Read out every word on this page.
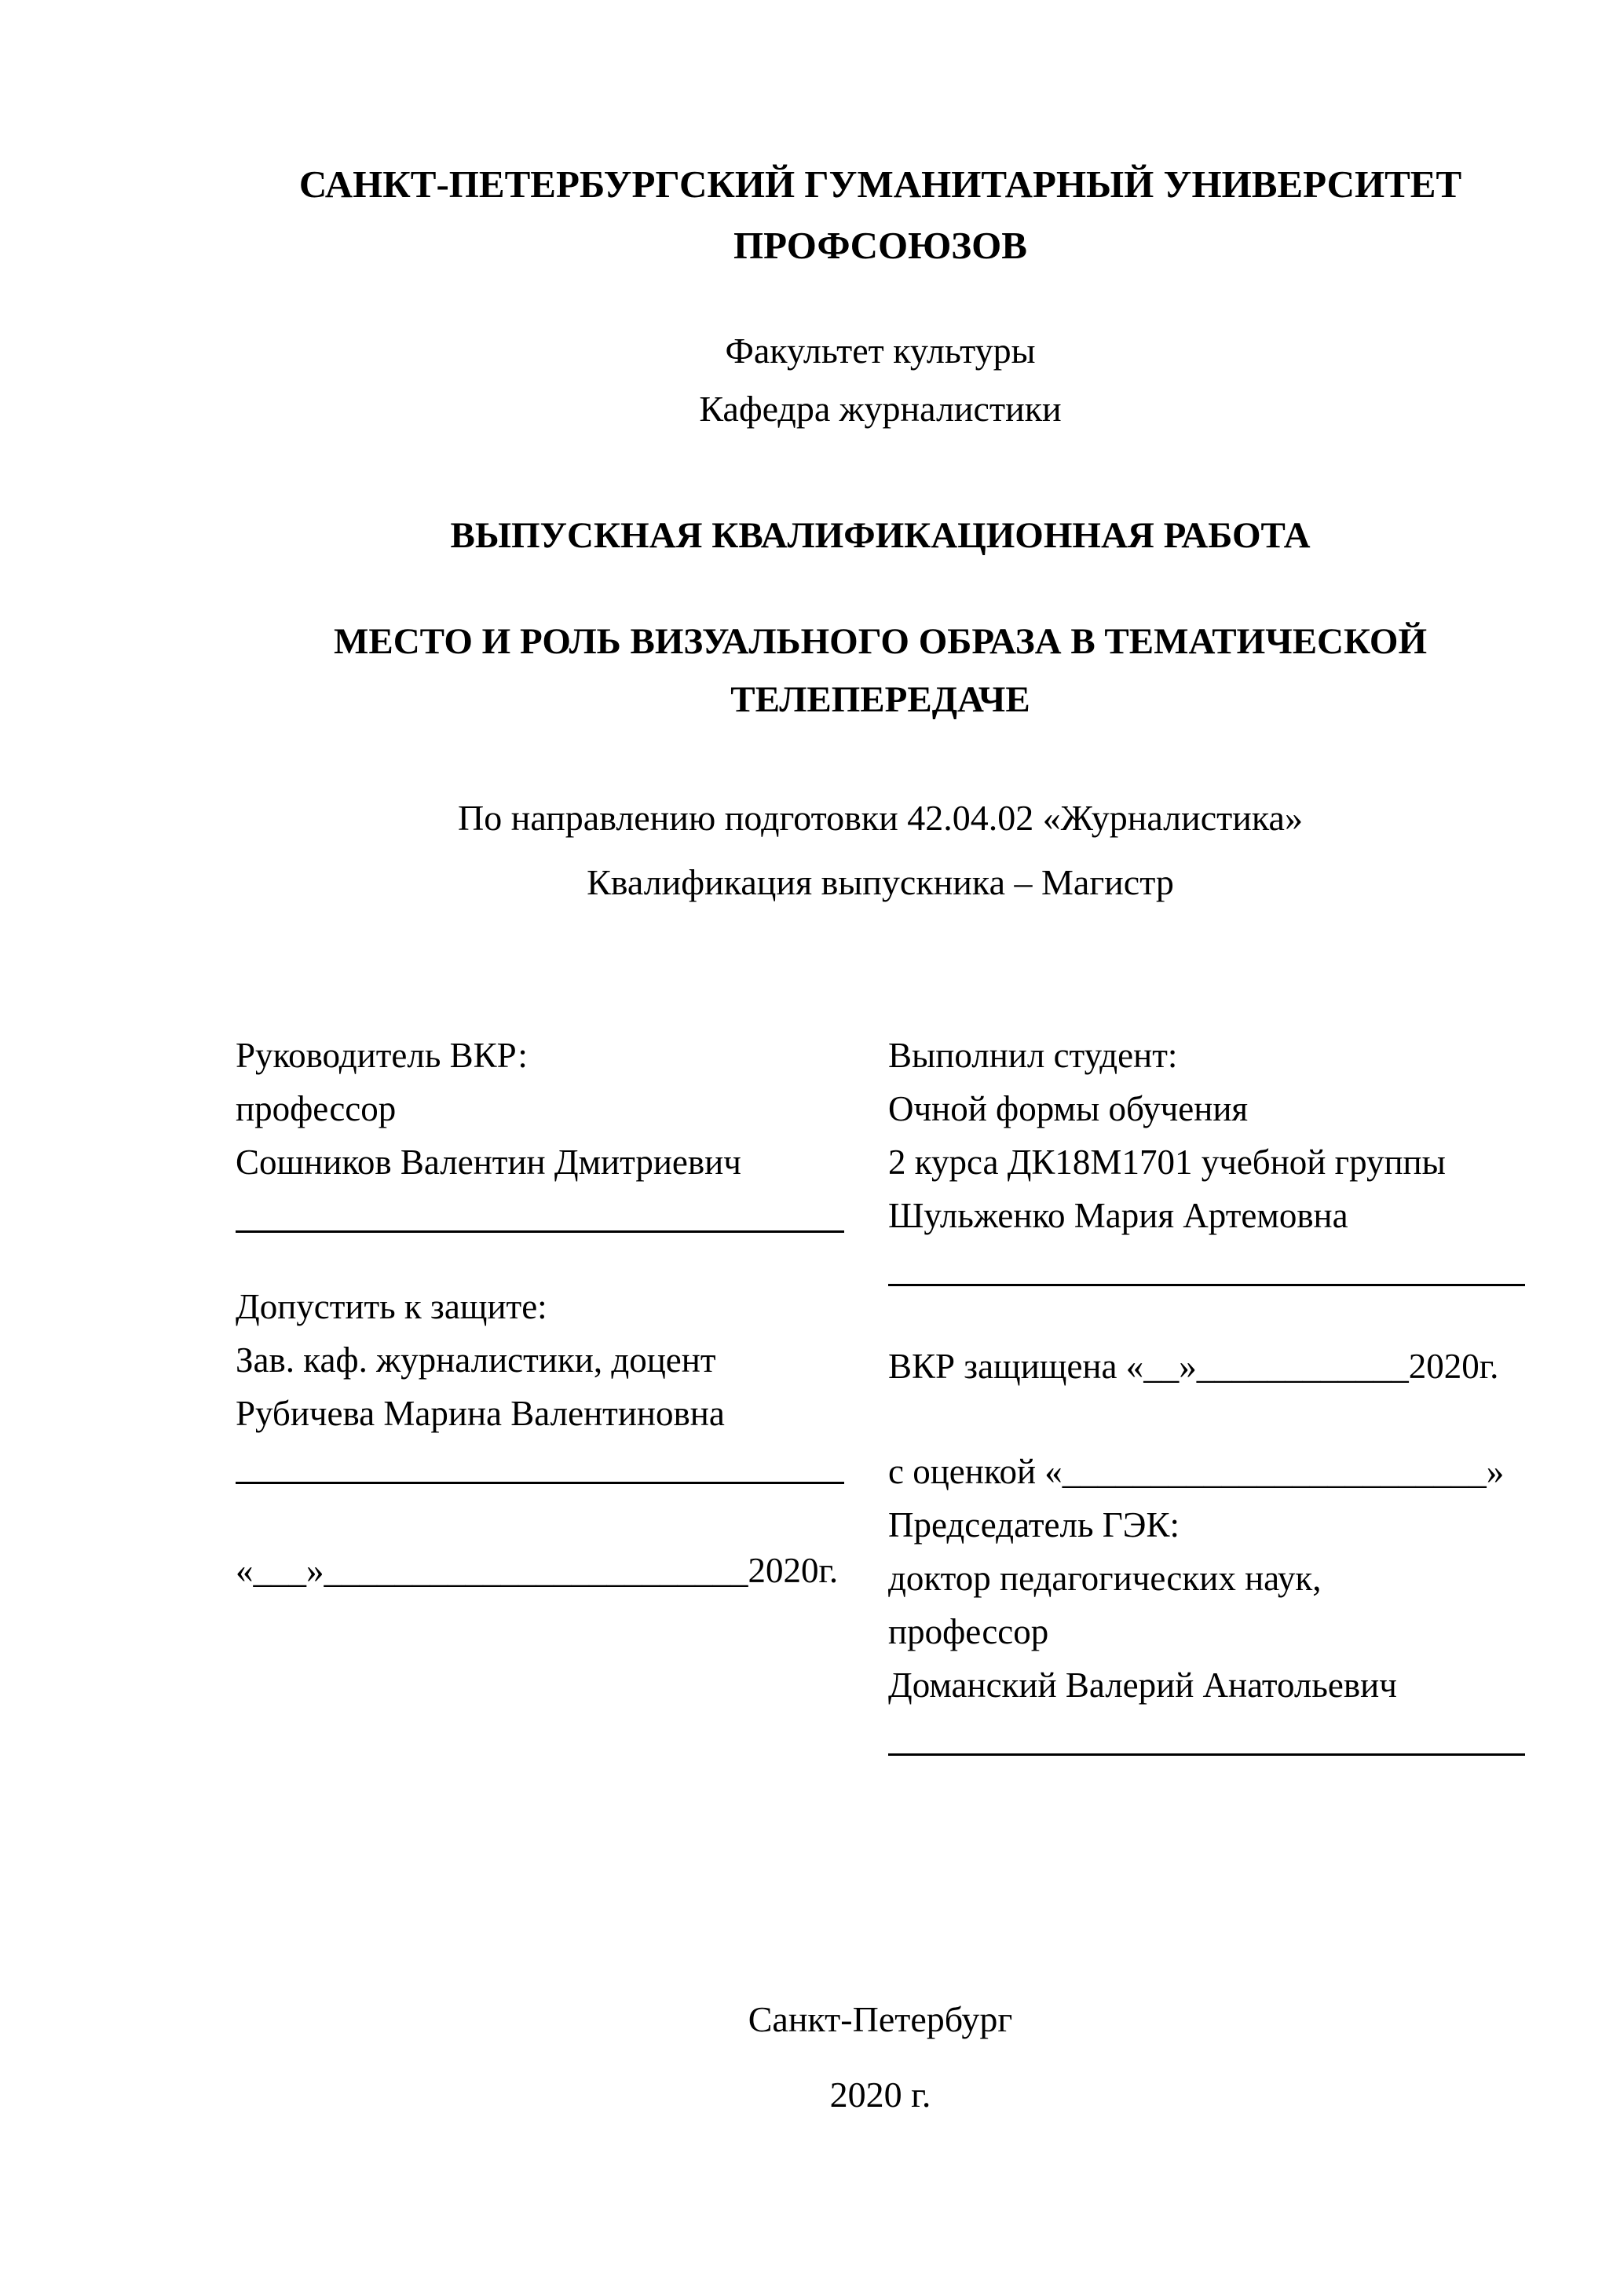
САНКТ-ПЕТЕРБУРГСКИЙ ГУМАНИТАРНЫЙ УНИВЕРСИТЕТ ПРОФСОЮЗОВ
Факультет культуры
Кафедра журналистики
ВЫПУСКНАЯ КВАЛИФИКАЦИОННАЯ РАБОТА
МЕСТО И РОЛЬ ВИЗУАЛЬНОГО ОБРАЗА В ТЕМАТИЧЕСКОЙ ТЕЛЕПЕРЕДАЧЕ
По направлению подготовки 42.04.02 «Журналистика»
Квалификация выпускника – Магистр
Руководитель ВКР:
профессор
Сошников Валентин Дмитриевич
Допустить к защите:
Зав. каф. журналистики, доцент
Рубичева Марина Валентиновна
«___»________________________2020г.
Выполнил студент:
Очной формы обучения
2 курса ДК18М1701 учебной группы
Шульженко Мария Артемовна
ВКР защищена «__»____________2020г.
с оценкой «________________________»
Председатель ГЭК:
доктор педагогических наук,
профессор
Доманский Валерий Анатольевич
Санкт-Петербург
2020 г.
